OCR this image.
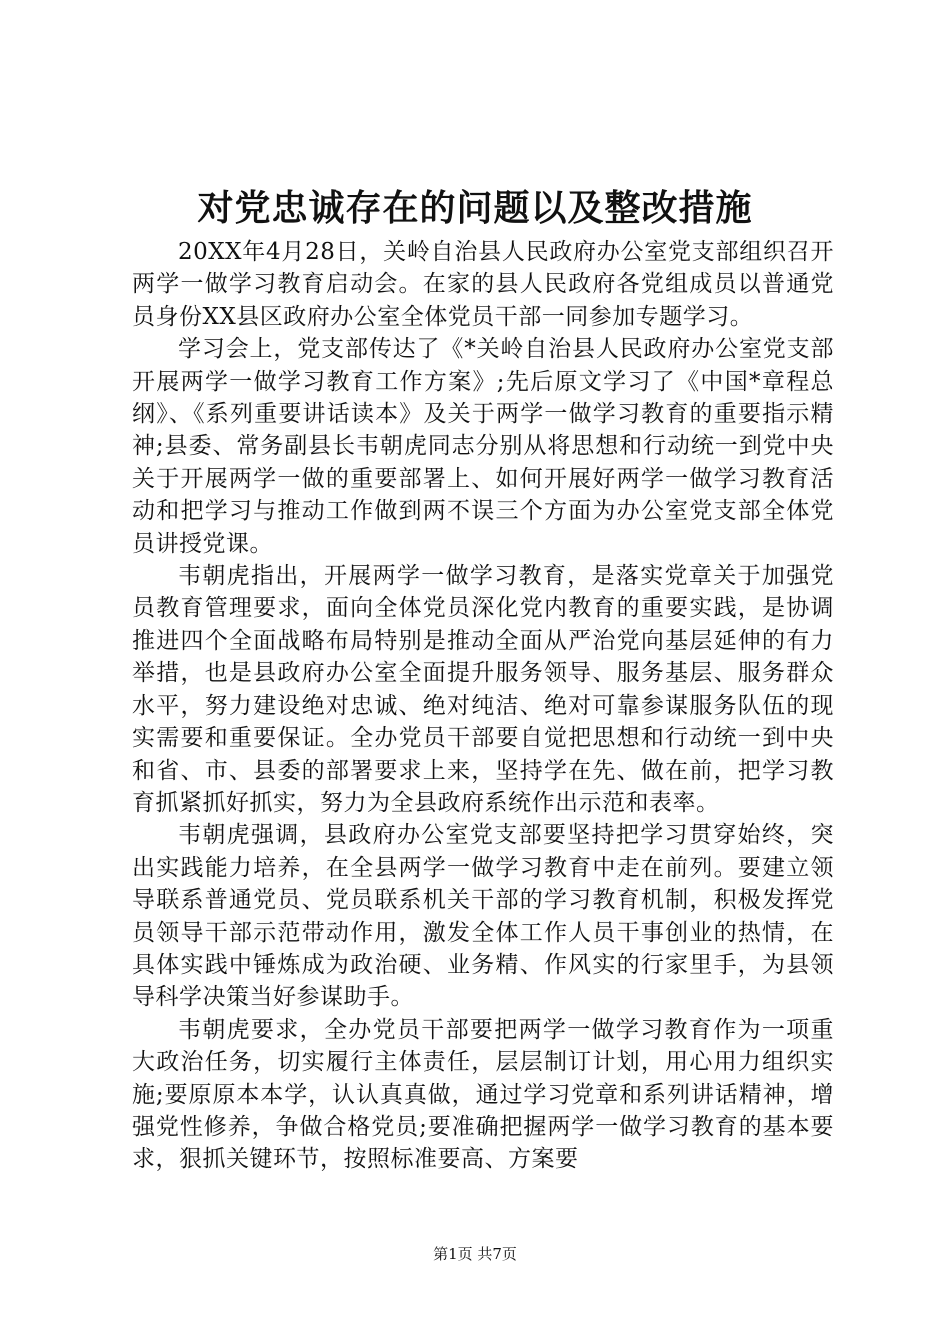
对党忠诚存在的问题以及整改措施

20XX年4月28日，关岭自治县人民政府办公室党支部组织召开两学一做学习教育启动会。在家的县人民政府各党组成员以普通党员身份XX县区政府办公室全体党员干部一同参加专题学习。

学习会上，党支部传达了《*关岭自治县人民政府办公室党支部开展两学一做学习教育工作方案》;先后原文学习了《中国*章程总纲》、《系列重要讲话读本》及关于两学一做学习教育的重要指示精神;县委、常务副县长韦朝虎同志分别从将思想和行动统一到党中央关于开展两学一做的重要部署上、如何开展好两学一做学习教育活动和把学习与推动工作做到两不误三个方面为办公室党支部全体党员讲授党课。

韦朝虎指出，开展两学一做学习教育，是落实党章关于加强党员教育管理要求，面向全体党员深化党内教育的重要实践，是协调推进四个全面战略布局特别是推动全面从严治党向基层延伸的有力举措，也是县政府办公室全面提升服务领导、服务基层、服务群众水平，努力建设绝对忠诚、绝对纯洁、绝对可靠参谋服务队伍的现实需要和重要保证。全办党员干部要自觉把思想和行动统一到中央和省、市、县委的部署要求上来，坚持学在先、做在前，把学习教育抓紧抓好抓实，努力为全县政府系统作出示范和表率。

韦朝虎强调，县政府办公室党支部要坚持把学习贯穿始终，突出实践能力培养，在全县两学一做学习教育中走在前列。要建立领导联系普通党员、党员联系机关干部的学习教育机制，积极发挥党员领导干部示范带动作用，激发全体工作人员干事创业的热情，在具体实践中锤炼成为政治硬、业务精、作风实的行家里手，为县领导科学决策当好参谋助手。

韦朝虎要求，全办党员干部要把两学一做学习教育作为一项重大政治任务，切实履行主体责任，层层制订计划，用心用力组织实施;要原原本本学，认认真真做，通过学习党章和系列讲话精神，增强党性修养，争做合格党员;要准确把握两学一做学习教育的基本要求，狠抓关键环节，按照标准要高、方案要

第1页 共7页
